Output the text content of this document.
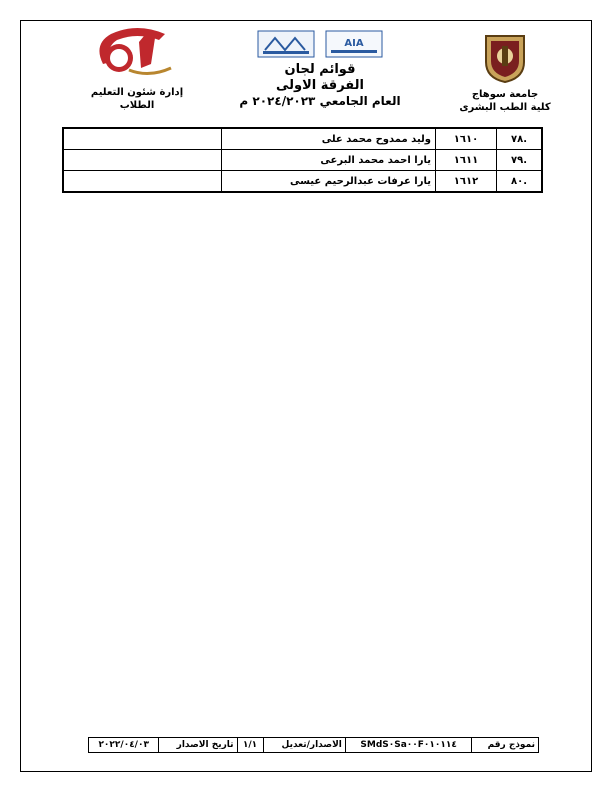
جامعة سوهاج
كلية الطب البشرى
AIA
قوائم لجان
الفرقة الاولى
العام الجامعي ٢٠٢٤/٢٠٢٣ م
إدارة شئون التعليم الطلاب
.٧٨	١٦١٠	وليد ممدوح محمد على	
.٧٩	١٦١١	يارا احمد محمد البرعى	
.٨٠	١٦١٢	يارا عرفات عبدالرحيم عيسى	
نموذج رقم	SMdS٠Sa٠٠F٠١٠١١٤	الاصدار/تعديل	١/١	تاريخ الاصدار	٢٠٢٢/٠٤/٠٣
